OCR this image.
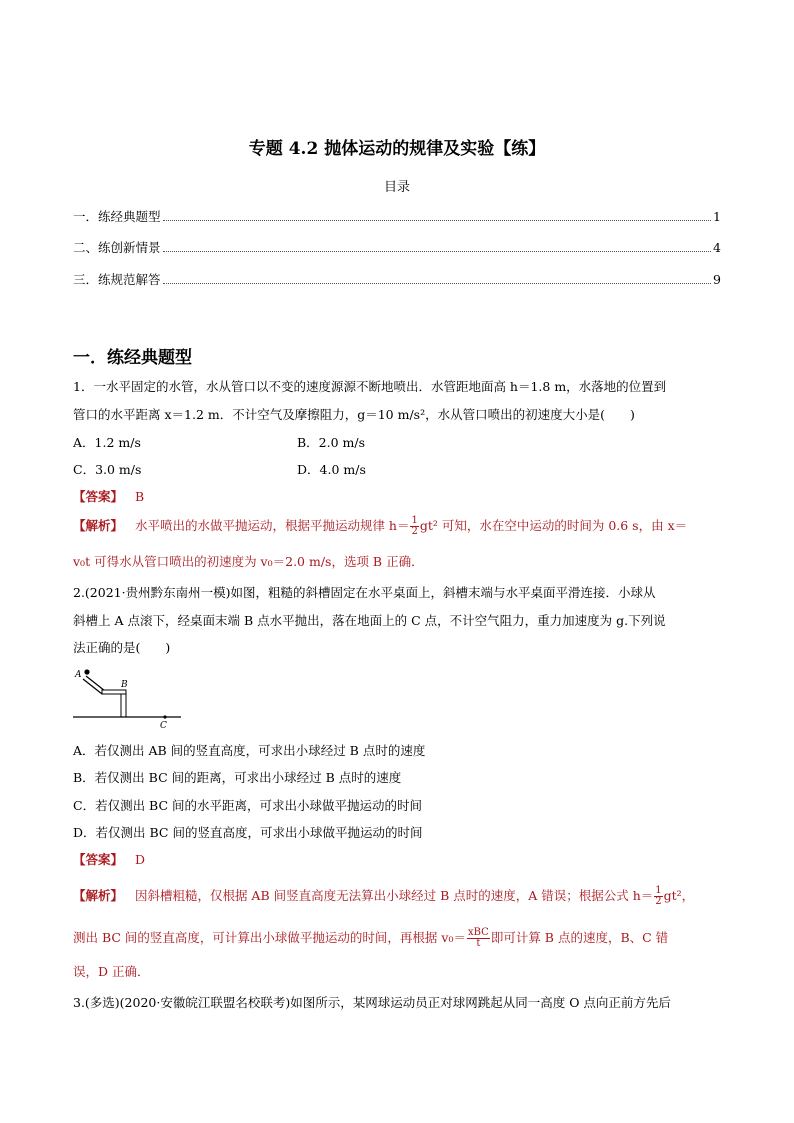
专题 4.2 抛体运动的规律及实验【练】
目录
一．练经典题型	1
二、练创新情景	4
三．练规范解答	9
一．练经典题型
1．一水平固定的水管，水从管口以不变的速度源源不断地喷出．水管距地面高 h＝1.8 m，水落地的位置到
管口的水平距离 x＝1.2 m．不计空气及摩擦阻力，g＝10 m/s²，水从管口喷出的初速度大小是(　　)
A．1.2 m/s	B．2.0 m/s
C．3.0 m/s	D．4.0 m/s
【答案】 B
【解析】 水平喷出的水做平抛运动，根据平抛运动规律 $h= \frac{1}{2} gt^2$ 可知，水在空中运动的时间为 0.6 s，由 x＝
v₀t 可得水从管口喷出的初速度为 v₀＝2.0 m/s，选项 B 正确．
2.(2021·贵州黔东南州一模)如图，粗糙的斜槽固定在水平桌面上，斜槽末端与水平桌面平滑连接．小球从
斜槽上 A 点滚下，经桌面末端 B 点水平抛出，落在地面上的 C 点，不计空气阻力，重力加速度为 g.下列说
法正确的是(　　)
A
B
C
A．若仅测出 AB 间的竖直高度，可求出小球经过 B 点时的速度
B．若仅测出 BC 间的距离，可求出小球经过 B 点时的速度
C．若仅测出 BC 间的水平距离，可求出小球做平抛运动的时间
D．若仅测出 BC 间的竖直高度，可求出小球做平抛运动的时间
【答案】 D
【解析】 因斜槽粗糙，仅根据 AB 间竖直高度无法算出小球经过 B 点时的速度，A 错误；根据公式 $h= \frac{1}{2} gt^2$，
测出 BC 间的竖直高度，可计算出小球做平抛运动的时间，再根据 $v_0= \frac{\text{xBC}}{t}$ 即可计算 B 点的速度，B、C 错
误，D 正确．
3.(多选)(2020·安徽皖江联盟名校联考)如图所示，某网球运动员正对球网跳起从同一高度 O 点向正前方先后
